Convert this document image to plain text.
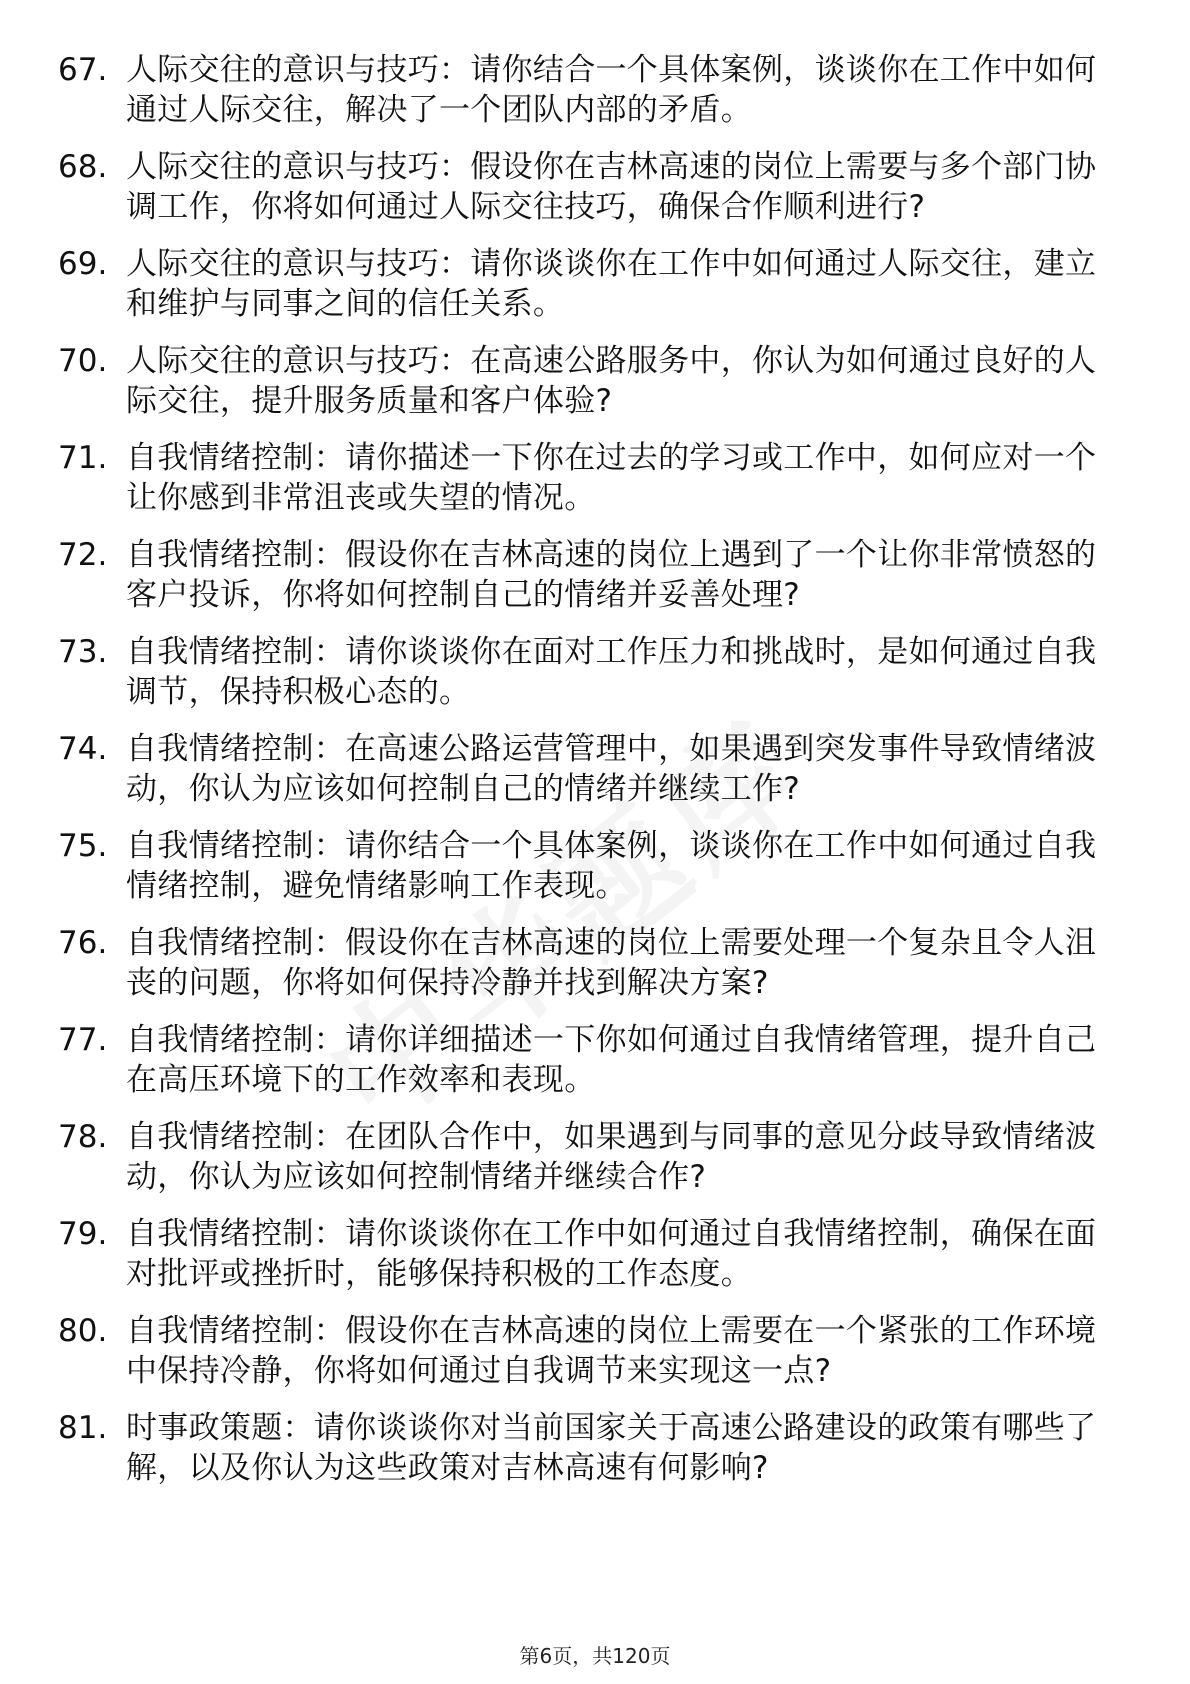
67. 人际交往的意识与技巧：请你结合一个具体案例，谈谈你在工作中如何通过人际交往，解决了一个团队内部的矛盾。
68. 人际交往的意识与技巧：假设你在吉林高速的岗位上需要与多个部门协调工作，你将如何通过人际交往技巧，确保合作顺利进行?
69. 人际交往的意识与技巧：请你谈谈你在工作中如何通过人际交往，建立和维护与同事之间的信任关系。
70. 人际交往的意识与技巧：在高速公路服务中，你认为如何通过良好的人际交往，提升服务质量和客户体验?
71. 自我情绪控制：请你描述一下你在过去的学习或工作中，如何应对一个让你感到非常沮丧或失望的情况。
72. 自我情绪控制：假设你在吉林高速的岗位上遇到了一个让你非常愤怒的客户投诉，你将如何控制自己的情绪并妥善处理?
73. 自我情绪控制：请你谈谈你在面对工作压力和挑战时，是如何通过自我调节，保持积极心态的。
74. 自我情绪控制：在高速公路运营管理中，如果遇到突发事件导致情绪波动，你认为应该如何控制自己的情绪并继续工作?
75. 自我情绪控制：请你结合一个具体案例，谈谈你在工作中如何通过自我情绪控制，避免情绪影响工作表现。
76. 自我情绪控制：假设你在吉林高速的岗位上需要处理一个复杂且令人沮丧的问题，你将如何保持冷静并找到解决方案?
77. 自我情绪控制：请你详细描述一下你如何通过自我情绪管理，提升自己在高压环境下的工作效率和表现。
78. 自我情绪控制：在团队合作中，如果遇到与同事的意见分歧导致情绪波动，你认为应该如何控制情绪并继续合作?
79. 自我情绪控制：请你谈谈你在工作中如何通过自我情绪控制，确保在面对批评或挫折时，能够保持积极的工作态度。
80. 自我情绪控制：假设你在吉林高速的岗位上需要在一个紧张的工作环境中保持冷静，你将如何通过自我调节来实现这一点?
81. 时事政策题：请你谈谈你对当前国家关于高速公路建设的政策有哪些了解，以及你认为这些政策对吉林高速有何影响?
第6页，共120页
